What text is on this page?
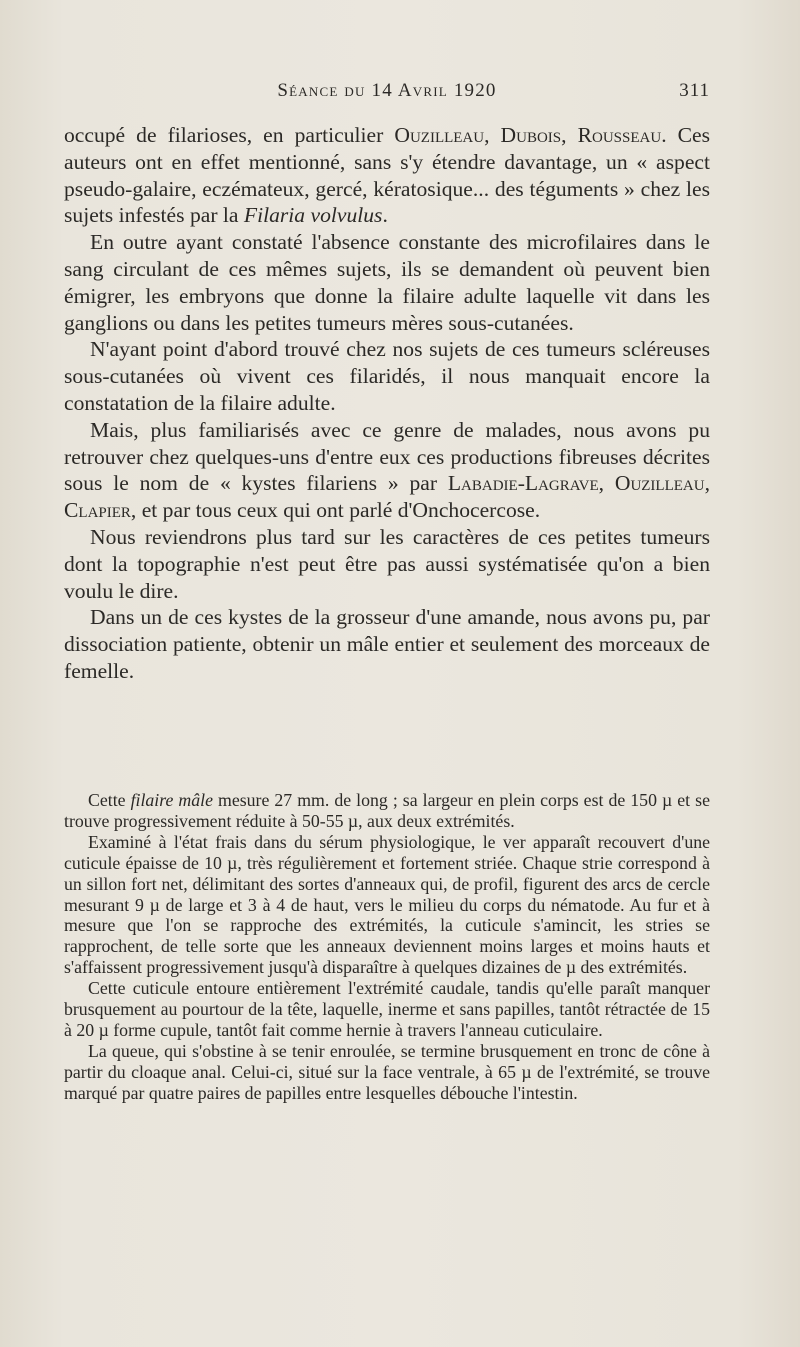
Séance du 14 Avril 1920	311

occupé de filarioses, en particulier Ouzilleau, Dubois, Rousseau. Ces auteurs ont en effet mentionné, sans s'y étendre davantage, un « aspect pseudo-galaire, eczémateux, gercé, kératosique... des téguments » chez les sujets infestés par la Filaria volvulus.

En outre ayant constaté l'absence constante des microfilaires dans le sang circulant de ces mêmes sujets, ils se demandent où peuvent bien émigrer, les embryons que donne la filaire adulte laquelle vit dans les ganglions ou dans les petites tumeurs mères sous-cutanées.

N'ayant point d'abord trouvé chez nos sujets de ces tumeurs scléreuses sous-cutanées où vivent ces filaridés, il nous manquait encore la constatation de la filaire adulte.

Mais, plus familiarisés avec ce genre de malades, nous avons pu retrouver chez quelques-uns d'entre eux ces productions fibreuses décrites sous le nom de « kystes filariens » par Labadie-Lagrave, Ouzilleau, Clapier, et par tous ceux qui ont parlé d'Onchocercose.

Nous reviendrons plus tard sur les caractères de ces petites tumeurs dont la topographie n'est peut être pas aussi systématisée qu'on a bien voulu le dire.

Dans un de ces kystes de la grosseur d'une amande, nous avons pu, par dissociation patiente, obtenir un mâle entier et seulement des morceaux de femelle.

Cette filaire mâle mesure 27 mm. de long ; sa largeur en plein corps est de 150 µ et se trouve progressivement réduite à 50-55 µ, aux deux extrémités.

Examiné à l'état frais dans du sérum physiologique, le ver apparaît recouvert d'une cuticule épaisse de 10 µ, très régulièrement et fortement striée. Chaque strie correspond à un sillon fort net, délimitant des sortes d'anneaux qui, de profil, figurent des arcs de cercle mesurant 9 µ de large et 3 à 4 de haut, vers le milieu du corps du nématode. Au fur et à mesure que l'on se rapproche des extrémités, la cuticule s'amincit, les stries se rapprochent, de telle sorte que les anneaux deviennent moins larges et moins hauts et s'affaissent progressivement jusqu'à disparaître à quelques dizaines de µ des extrémités.

Cette cuticule entoure entièrement l'extrémité caudale, tandis qu'elle paraît manquer brusquement au pourtour de la tête, laquelle, inerme et sans papilles, tantôt rétractée de 15 à 20 µ forme cupule, tantôt fait comme hernie à travers l'anneau cuticulaire.

La queue, qui s'obstine à se tenir enroulée, se termine brusquement en tronc de cône à partir du cloaque anal. Celui-ci, situé sur la face ventrale, à 65 µ de l'extrémité, se trouve marqué par quatre paires de papilles entre lesquelles débouche l'intestin.
